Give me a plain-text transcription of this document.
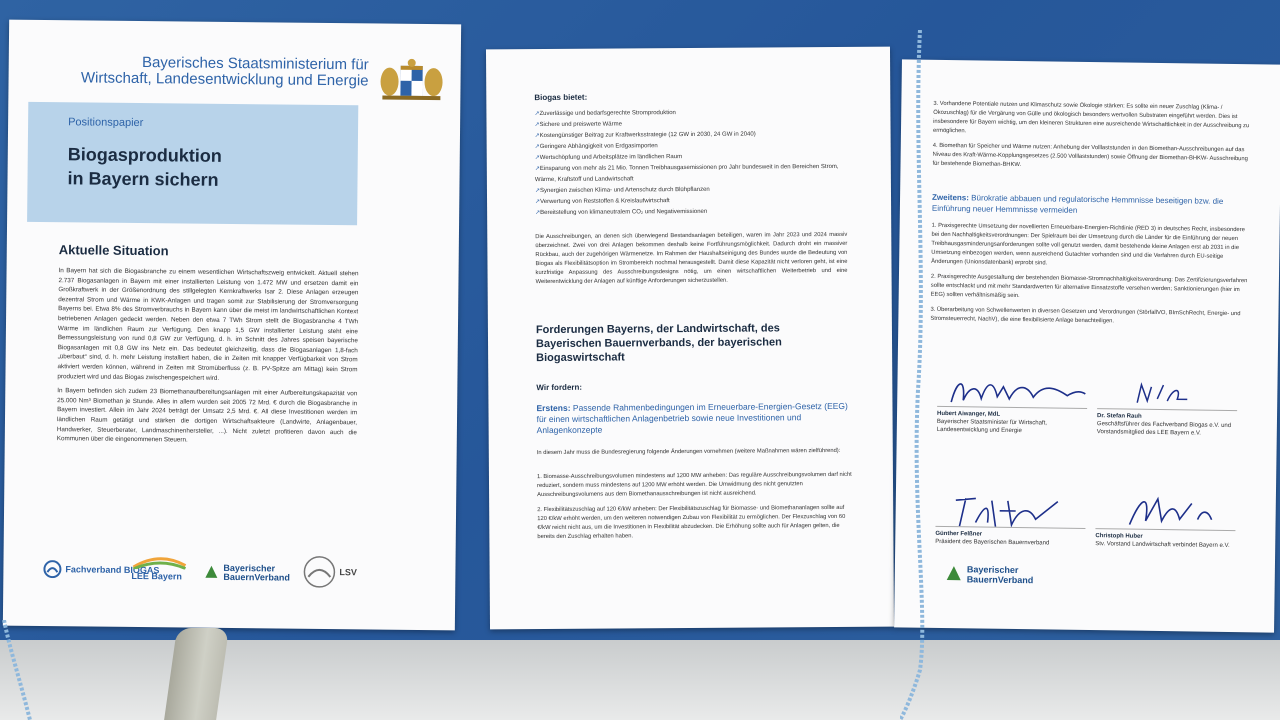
Bayerisches Staatsministerium für Wirtschaft, Landesentwicklung und Energie
Positionspapier
Biogasproduktion
in Bayern sichern
Aktuelle Situation

In Bayern hat sich die Biogasbranche zu einem wesentlichen Wirtschaftszweig entwickelt. Aktuell stehen 2.737 Biogasanlagen in Bayern mit einer installierten Leistung von 1.472 MW und ersetzen damit ein Großkraftwerk in der Größenordnung des stillgelegten Kernkraftwerks Isar 2. Diese Anlagen erzeugen dezentral Strom und Wärme in KWK-Anlagen und tragen somit zur Stabilisierung der Stromversorgung Bayerns bei. Etwa 8% des Stromverbrauchs in Bayern kann über die meist im landwirtschaftlichen Kontext betriebenen Anlagen gedeckt werden. Neben den etwa 7 TWh Strom stellt die Biogasbranche 4 TWh Wärme im ländlichen Raum zur Verfügung. Den knapp 1,5 GW installierter Leistung steht eine Bemessungsleistung von rund 0,8 GW zur Verfügung, d. h. im Schnitt des Jahres speisen bayerische Biogasanlagen mit 0,8 GW ins Netz ein. Das bedeutet gleichzeitig, dass die Biogasanlagen 1,8-fach „überbaut“ sind, d. h. mehr Leistung installiert haben, die in Zeiten mit knapper Verfügbarkeit von Strom aktiviert werden können, während in Zeiten mit Stromüberfluss (z. B. PV-Spitze am Mittag) kein Strom produziert wird und das Biogas zwischengespeichert wird.

In Bayern befinden sich zudem 23 Biomethanaufbereitungsanlagen mit einer Aufbereitungskapazität von 25.000 Nm³ Biomethan je Stunde. Alles in allem wurden seit 2005 72 Mrd. € durch die Biogasbranche in Bayern investiert. Allein im Jahr 2024 beträgt der Umsatz 2,5 Mrd. €. All diese Investitionen werden im ländlichen Raum getätigt und stärken die dortigen Wirtschaftsakteure (Landwirte, Anlagenbauer, Handwerker, Steuerberater, Landmaschinenhersteller, ...). Nicht zuletzt profitieren davon auch die Kommunen über die eingenommenen Steuern.

Fachverband BIOGAS
LEE Bayern
Bayerischer BauernVerband	LSV
Biogas bietet:
↗ Zuverlässige und bedarfsgerechte Stromproduktion
↗ Sichere und preiswerte Wärme
↗ Kostengünstiger Beitrag zur Kraftwerksstrategie (12 GW in 2030, 24 GW in 2040)
↗ Geringere Abhängigkeit von Erdgasimporten
↗ Wertschöpfung und Arbeitsplätze im ländlichen Raum
↗ Einsparung von mehr als 21 Mio. Tonnen Treibhausgasemissionen pro Jahr bundesweit in den Bereichen Strom, Wärme, Kraftstoff und Landwirtschaft
↗ Synergien zwischen Klima- und Artenschutz durch Blühpflanzen
↗ Verwertung von Reststoffen & Kreislaufwirtschaft
↗ Bereitstellung von klimaneutralem CO₂ und Negativemissionen
Die Ausschreibungen, an denen sich überwiegend Bestandsanlagen beteiligen, waren im Jahr 2023 und 2024 massiv überzeichnet. Zwei von drei Anlagen bekommen deshalb keine Fortführungsmöglichkeit. Dadurch droht ein massiver Rückbau, auch der zugehörigen Wärmenetze. Im Rahmen der Haushaltseinigung des Bundes wurde die Bedeutung von Biogas als Flexibilitätsoption im Strombereich nochmal herausgestellt. Damit diese Kapazität nicht verloren geht, ist eine kurzfristige Anpassung des Ausschreibungsdesigns nötig, um einen wirtschaftlichen Weiterbetrieb und eine Weiterentwicklung der Anlagen auf künftige Anforderungen sicherzustellen.
Forderungen Bayerns, der Landwirtschaft, des Bayerischen Bauernverbands, der bayerischen Biogaswirtschaft
Wir fordern:
Erstens: Passende Rahmenbedingungen im Erneuerbare-Energien-Gesetz (EEG) für einen wirtschaftlichen Anlagenbetrieb sowie neue Investitionen und Anlagenkonzepte
In diesem Jahr muss die Bundesregierung folgende Änderungen vornehmen (weitere Maßnahmen wären zielführend):

1. Biomasse-Ausschreibungsvolumen mindestens auf 1200 MW anheben: Das reguläre Ausschreibungsvolumen darf nicht reduziert, sondern muss mindestens auf 1200 MW erhöht werden. Die Umwidmung des nicht genutzten Ausschreibungsvolumens aus dem Biomethanausschreibungen ist nicht ausreichend.

2. Flexibilitätszuschlag auf 120 €/kW anheben: Der Flexibilitätszuschlag für Biomasse- und Biomethananlagen sollte auf 120 €/kW erhöht werden, um den weiteren notwendigen Zubau von Flexibilität zu ermöglichen. Der Flexzuschlag von 60 €/kW reicht nicht aus, um die Investitionen in Flexibilität abzudecken. Die Erhöhung sollte auch für Anlagen gelten, die bereits den Zuschlag erhalten haben.

3. Vorhandene Potentiale nutzen und Klimaschutz sowie Ökologie stärken: Es sollte ein neuer Zuschlag (Klima- / Ökozuschlag) für die Vergärung von Gülle und ökologisch besonders wertvollen Substraten eingeführt werden. Dies ist insbesondere für Bayern wichtig, um den kleineren Strukturen eine ausreichende Wirtschaftlichkeit in der Ausschreibung zu ermöglichen.

4. Biomethan für Speicher und Wärme nutzen: Anhebung der Volllaststunden in den Biomethan-Ausschreibungen auf das Niveau des Kraft-Wärme-Kopplungsgesetzes (2.500 Volllaststunden) sowie Öffnung der Biomethan-BHKW- Ausschreibung für bestehende Biomethan-BHKW.

Zweitens: Bürokratie abbauen und regulatorische Hemmnisse beseitigen bzw. die Einführung neuer Hemmnisse vermeiden

1. Praxisgerechte Umsetzung der novellierten Erneuerbare-Energien-Richtlinie (RED 3) in deutsches Recht, insbesondere bei den Nachhaltigkeitsverordnungen: Der Spielraum bei der Umsetzung durch die Länder für die Einführung der neuen Treibhausgasminderungsanforderungen sollte voll genutzt werden, damit bestehende kleine Anlagen erst ab 2031 in die Umsetzung einbezogen werden, wenn ausreichend Gutachter vorhanden sind und die Verfahren durch EU-seitige Änderungen (Unionsdatenbank) erprobt sind.

2. Praxisgerechte Ausgestaltung der bestehenden Biomasse-Stromnachhaltigkeitsverordnung: Das Zertifizierungsverfahren sollte entschlackt und mit mehr Standardwerten für alternative Einsatzstoffe versehen werden; Sanktionierungen (hier im EEG) sollten verhältnismäßig sein.

3. Überarbeitung von Schwellenwerten in diversen Gesetzen und Verordnungen (StörfallVO, BImSchRecht, Energie- und Stromsteuerrecht, NachV), die eine flexibilisierte Anlage benachteiligen.

Hubert Aiwanger, MdL
Bayerischer Staatsminister für Wirtschaft, Landesentwicklung und Energie
Dr. Stefan Rauh
Geschäftsführer des Fachverband Biogas e.V. und Vorstandsmitglied des LEE Bayern e.V.
Günther Felßner
Präsident des Bayerischen Bauernverband
Christoph Huber
Stv. Vorstand Landwirtschaft verbindet Bayern e.V.
Bayerischer BauernVerband
